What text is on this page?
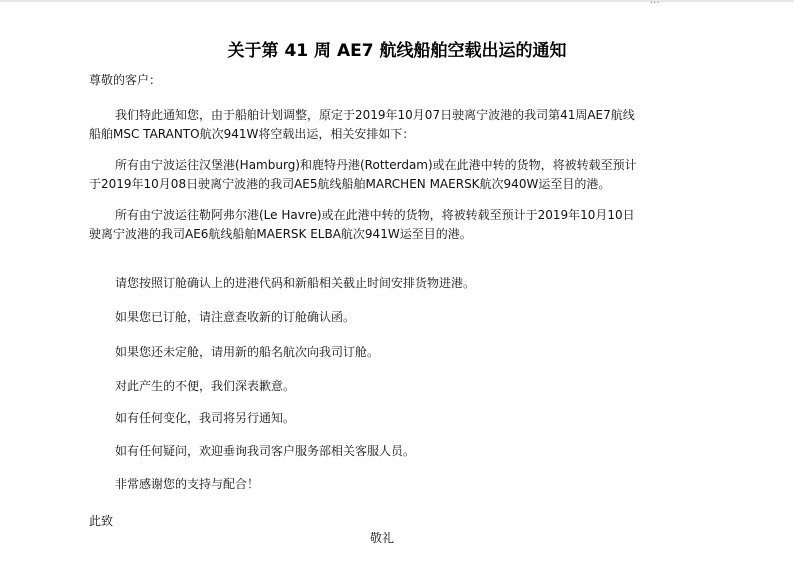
...
关于第 41 周 AE7 航线船舶空载出运的通知
尊敬的客户：
我们特此通知您，由于船舶计划调整，原定于2019年10月07日驶离宁波港的我司第41周AE7航线
船舶MSC TARANTO航次941W将空载出运，相关安排如下：
所有由宁波运往汉堡港(Hamburg)和鹿特丹港(Rotterdam)或在此港中转的货物，将被转载至预计
于2019年10月08日驶离宁波港的我司AE5航线船舶MARCHEN MAERSK航次940W运至目的港。
所有由宁波运往勒阿弗尔港(Le Havre)或在此港中转的货物，将被转载至预计于2019年10月10日
驶离宁波港的我司AE6航线船舶MAERSK ELBA航次941W运至目的港。
请您按照订舱确认上的进港代码和新船相关截止时间安排货物进港。
如果您已订舱，请注意查收新的订舱确认函。
如果您还未定舱，请用新的船名航次向我司订舱。
对此产生的不便，我们深表歉意。
如有任何变化，我司将另行通知。
如有任何疑问，欢迎垂询我司客户服务部相关客服人员。
非常感谢您的支持与配合！
此致
敬礼
